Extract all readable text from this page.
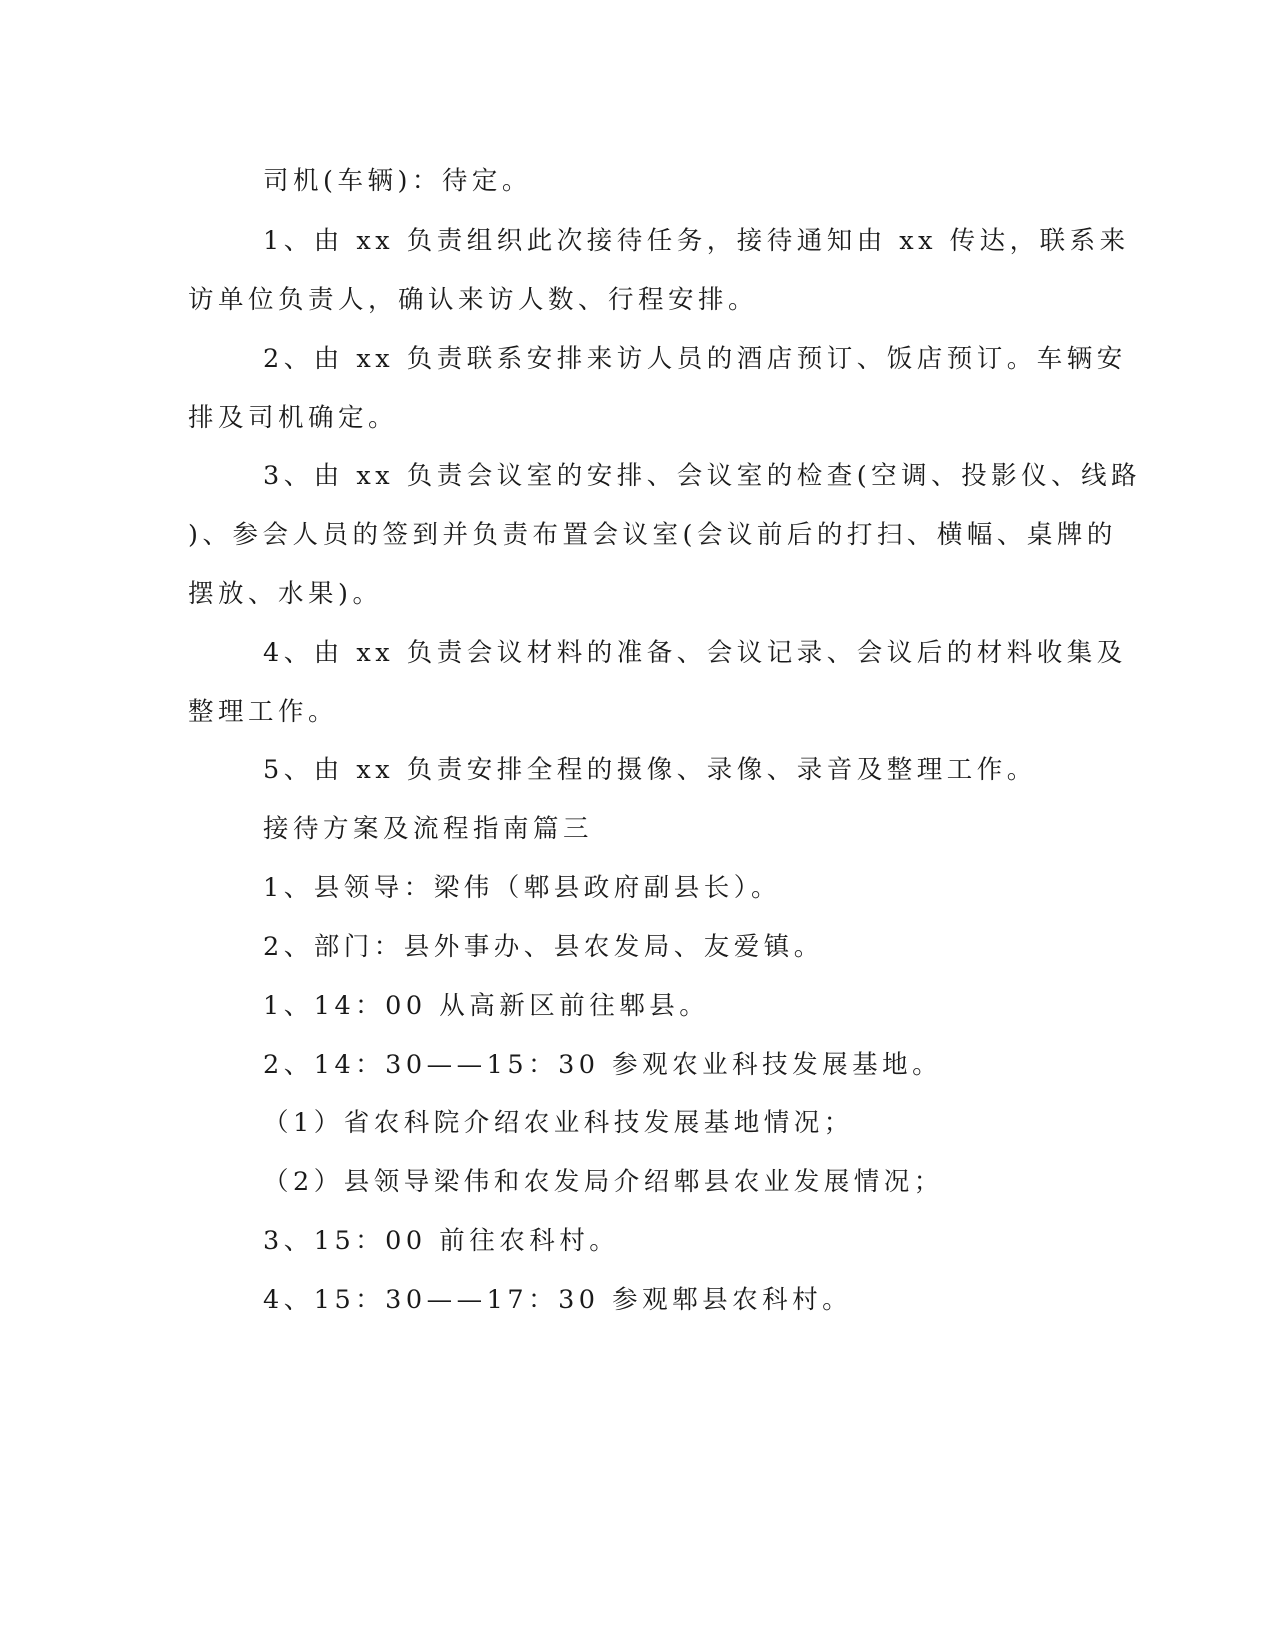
司机(车辆)：待定。
1、由 xx 负责组织此次接待任务，接待通知由 xx 传达，联系来
访单位负责人，确认来访人数、行程安排。
2、由 xx 负责联系安排来访人员的酒店预订、饭店预订。车辆安
排及司机确定。
3、由 xx 负责会议室的安排、会议室的检查(空调、投影仪、线路
)、参会人员的签到并负责布置会议室(会议前后的打扫、横幅、桌牌的
摆放、水果)。
4、由 xx 负责会议材料的准备、会议记录、会议后的材料收集及
整理工作。
5、由 xx 负责安排全程的摄像、录像、录音及整理工作。
接待方案及流程指南篇三
1、县领导：梁伟（郫县政府副县长）。
2、部门：县外事办、县农发局、友爱镇。
1、14：00 从高新区前往郫县。
2、14：30——15：30 参观农业科技发展基地。
（1）省农科院介绍农业科技发展基地情况；
（2）县领导梁伟和农发局介绍郫县农业发展情况；
3、15：00 前往农科村。
4、15：30——17：30 参观郫县农科村。
